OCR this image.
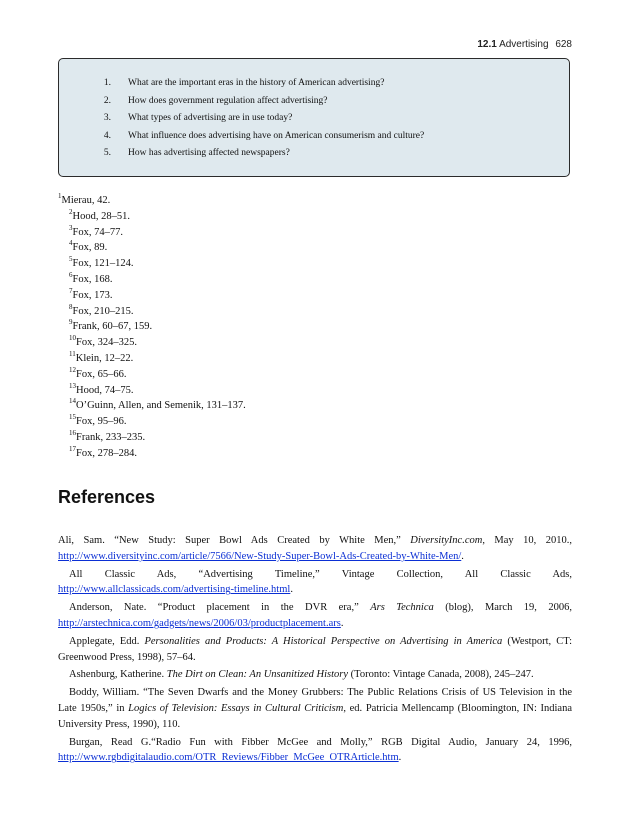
12.1 Advertising 628
1. What are the important eras in the history of American advertising?
2. How does government regulation affect advertising?
3. What types of advertising are in use today?
4. What influence does advertising have on American consumerism and culture?
5. How has advertising affected newspapers?
$^1$Mierau, 42.
$^2$Hood, 28–51.
$^3$Fox, 74–77.
$^4$Fox, 89.
$^5$Fox, 121–124.
$^6$Fox, 168.
$^7$Fox, 173.
$^8$Fox, 210–215.
$^9$Frank, 60–67, 159.
$^{10}$Fox, 324–325.
$^{11}$Klein, 12–22.
$^{12}$Fox, 65–66.
$^{13}$Hood, 74–75.
$^{14}$O’Guinn, Allen, and Semenik, 131–137.
$^{15}$Fox, 95–96.
$^{16}$Frank, 233–235.
$^{17}$Fox, 278–284.
References

Ali, Sam. “New Study: Super Bowl Ads Created by White Men,” DiversityInc.com, May 10, 2010., http://www.diversityinc.com/article/7566/New-Study-Super-Bowl-Ads-Created-by-White-Men/.

All Classic Ads, “Advertising Timeline,” Vintage Collection, All Classic Ads, http://www.allclassicads.com/advertising-timeline.html.

Anderson, Nate. “Product placement in the DVR era,” Ars Technica (blog), March 19, 2006, http://arstechnica.com/gadgets/news/2006/03/productplacement.ars.

Applegate, Edd. Personalities and Products: A Historical Perspective on Advertising in America (Westport, CT: Greenwood Press, 1998), 57–64.

Ashenburg, Katherine. The Dirt on Clean: An Unsanitized History (Toronto: Vintage Canada, 2008), 245–247.

Boddy, William. “The Seven Dwarfs and the Money Grubbers: The Public Relations Crisis of US Television in the Late 1950s,” in Logics of Television: Essays in Cultural Criticism, ed. Patricia Mellencamp (Bloomington, IN: Indiana University Press, 1990), 110.

Burgan, Read G.“Radio Fun with Fibber McGee and Molly,” RGB Digital Audio, January 24, 1996, http://www.rgbdigitalaudio.com/OTR_Reviews/Fibber_McGee_OTRArticle.htm.
